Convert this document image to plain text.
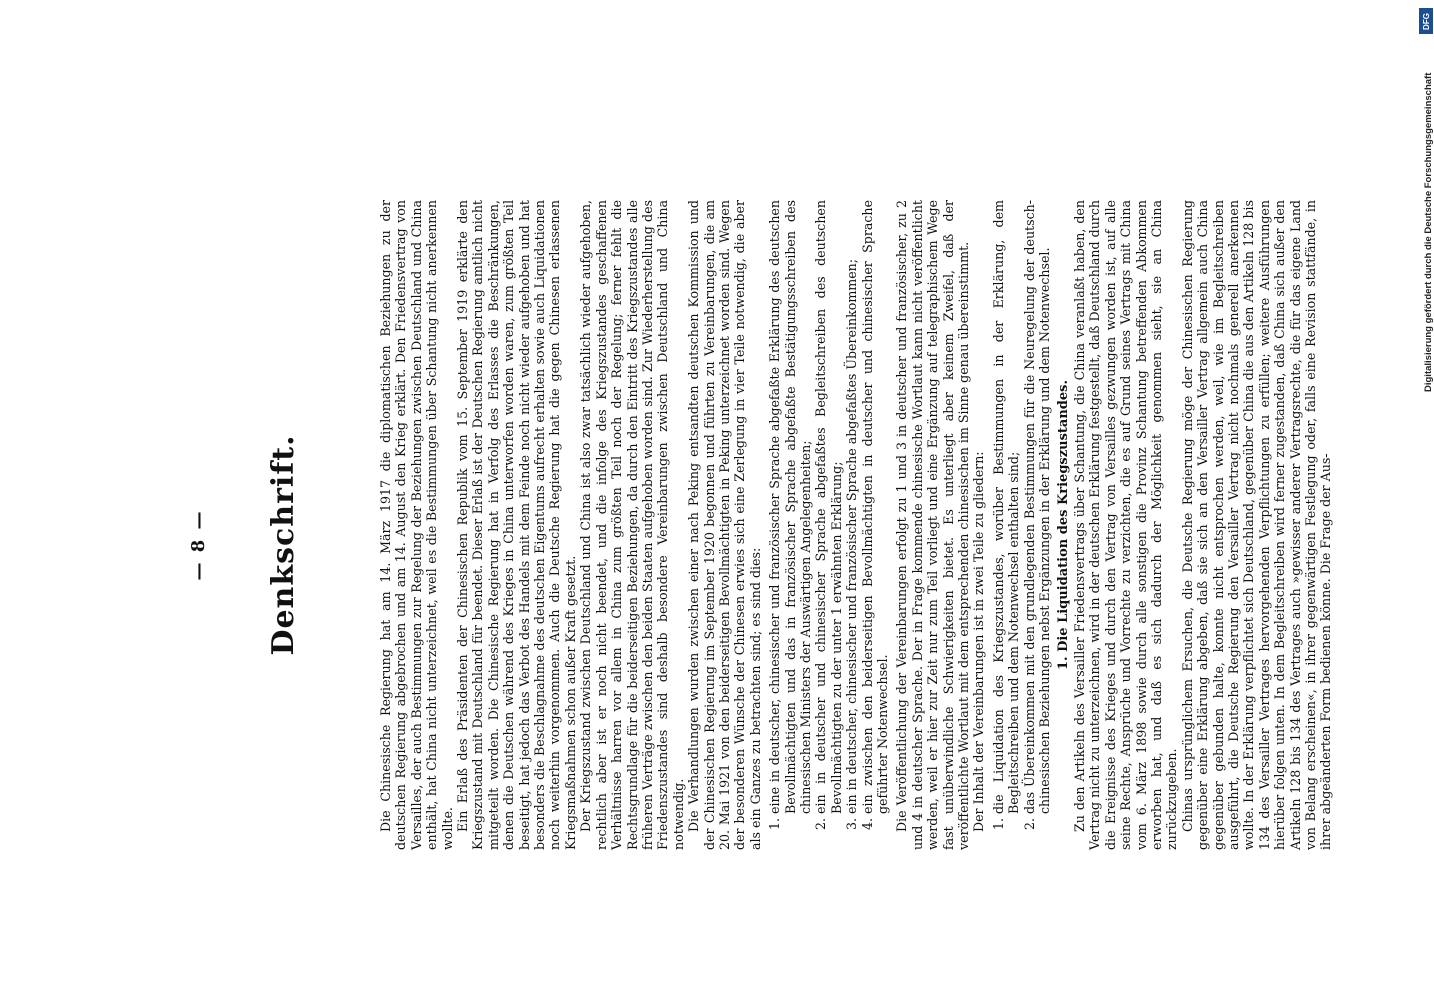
— 8 — Denkschrift.	Die Chinesische Regierung hat am 14. März 1917 die diplomatischen Beziehungen zu der deutschen Regierung abgebrochen und am 14. August den Krieg erklärt. Den Friedensvertrag von Versailles, der auch Bestimmungen zur Regelung der Beziehungen zwischen Deutschland und China enthält, hat China nicht unterzeichnet, weil es die Bestimmungen über Schantung nicht anerkennen wollte. Ein Erlaß des Präsidenten der Chinesischen Republik vom 15. September 1919 erklärte den Kriegszustand mit Deutschland für beendet. Dieser Erlaß ist der Deutschen Regierung amtlich nicht mitgeteilt worden. Die Chinesische Regierung hat in Verfolg des Erlasses die Beschränkungen, denen die Deutschen während des Krieges in China unterworfen worden waren, zum größten Teil beseitigt, hat jedoch das Verbot des Handels mit dem Feinde noch nicht wieder aufgehoben und hat besonders die Beschlagnahme des deutschen Eigentums aufrecht erhalten sowie auch Liquidationen noch weiterhin vorgenommen. Auch die Deutsche Regierung hat die gegen Chinesen erlassenen Kriegsmaßnahmen schon außer Kraft gesetzt. Der Kriegszustand zwischen Deutschland und China ist also zwar tatsächlich wieder aufgehoben, rechtlich aber ist er noch nicht beendet, und die infolge des Kriegszustandes geschaffenen Verhältnisse harren vor allem in China zum größten Teil noch der Regelung; ferner fehlt die Rechtsgrundlage für die beiderseitigen Beziehungen, da durch den Eintritt des Kriegszustandes alle früheren Verträge zwischen den beiden Staaten aufgehoben worden sind. Zur Wiederherstellung des Friedenszustandes sind deshalb besondere Vereinbarungen zwischen Deutschland und China notwendig. Die Verhandlungen wurden zwischen einer nach Peking entsandten deutschen Kommission und der Chinesischen Regierung im September 1920 begonnen und führten zu Vereinbarungen, die am 20. Mai 1921 von den beiderseitigen Bevollmächtigten in Peking unterzeichnet worden sind. Wegen der besonderen Wünsche der Chinesen erwies sich eine Zerlegung in vier Teile notwendig, die aber als ein Ganzes zu betrachten sind; es sind dies: 1. eine in deutscher, chinesischer und französischer Sprache abgefaßte Erklärung des deutschen Bevollmächtigten und das in französischer Sprache abgefaßte Bestätigungsschreiben des chinesischen Ministers der Auswärtigen Angelegenheiten; 2. ein in deutscher und chinesischer Sprache abgefaßtes Begleitschreiben des deutschen Bevollmächtigten zu der unter 1 erwähnten Erklärung; 3. ein in deutscher, chinesischer und französischer Sprache abgefaßtes Übereinkommen; 4. ein zwischen den beiderseitigen Bevollmächtigten in deutscher und chinesischer Sprache geführter Notenwechsel. Die Veröffentlichung der Vereinbarungen erfolgt zu 1 und 3 in deutscher und französischer, zu 2 und 4 in deutscher Sprache. Der in Frage kommende chinesische Wortlaut kann nicht veröffentlicht werden, weil er hier zur Zeit nur zum Teil vorliegt und eine Ergänzung auf telegraphischem Wege fast unüberwindliche Schwierigkeiten bietet. Es unterliegt aber keinem Zweifel, daß der veröffentlichte Wortlaut mit dem entsprechenden chinesischen im Sinne genau übereinstimmt. Der Inhalt der Vereinbarungen ist in zwei Teile zu gliedern: 1. die Liquidation des Kriegszustandes, worüber Bestimmungen in der Erklärung, dem Begleitschreiben und dem Notenwechsel enthalten sind; 2. das Übereinkommen mit den grundlegenden Bestimmungen für die Neuregelung der deutsch-chinesischen Beziehungen nebst Ergänzungen in der Erklärung und dem Notenwechsel. 1. Die Liquidation des Kriegszustandes. Zu den Artikeln des Versailler Friedensvertrags über Schantung, die China veranlaßt haben, den Vertrag nicht zu unterzeichnen, wird in der deutschen Erklärung festgestellt, daß Deutschland durch die Ereignisse des Krieges und durch den Vertrag von Versailles gezwungen worden ist, auf alle seine Rechte, Ansprüche und Vorrechte zu verzichten, die es auf Grund seines Vertrags mit China vom 6. März 1898 sowie durch alle sonstigen die Provinz Schantung betreffenden Abkommen erworben hat, und daß es sich dadurch der Möglichkeit genommen sieht, sie an China zurückzugeben. Chinas ursprünglichem Ersuchen, die Deutsche Regierung möge der Chinesischen Regierung gegenüber eine Erklärung abgeben, daß sie sich an den Versailler Vertrag allgemein auch China gegenüber gebunden halte, konnte nicht entsprochen werden, weil, wie im Begleitschreiben ausgeführt, die Deutsche Regierung den Versailler Vertrag nicht nochmals generell anerkennen wollte. In der Erklärung verpflichtet sich Deutschland, gegenüber China die aus den Artikeln 128 bis 134 des Versailler Vertrages hervorgehenden Verpflichtungen zu erfüllen; weitere Ausführungen hierüber folgen unten. In dem Begleitschreiben wird ferner zugestanden, daß China sich außer den Artikeln 128 bis 134 des Vertrages auch »gewisser anderer Vertragsrechte, die für das eigene Land von Belang erscheinen«, in ihrer gegenwärtigen Festlegung oder, falls eine Revision stattfände, in ihrer abgeänderten Form bedienen könne. Die Frage der Aus-

DFG
Digitalisierung gefördert durch die Deutsche Forschungsgemeinschaft
